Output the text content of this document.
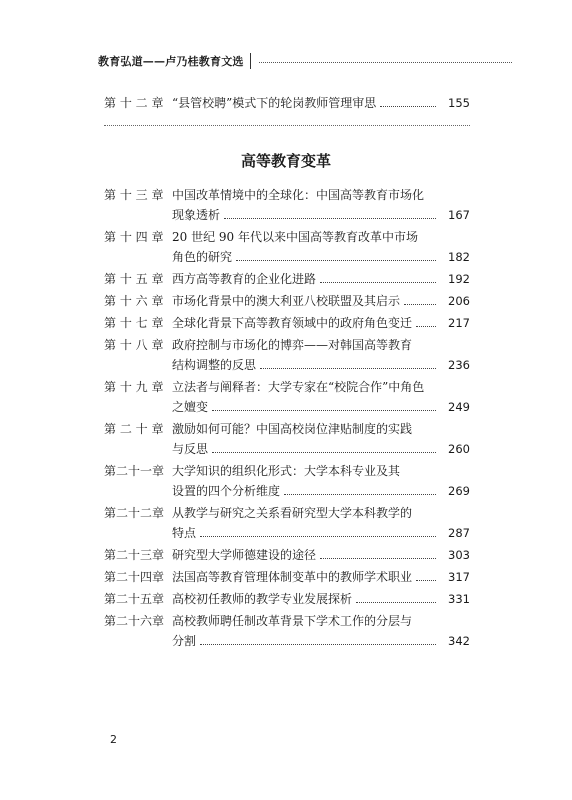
教育弘道——卢乃桂教育文选
第 十 二 章 “县管校聘”模式下的轮岗教师管理审思	155
高等教育变革
第 十 三 章 中国改革情境中的全球化：中国高等教育市场化
现象透析	167
第 十 四 章 20 世纪 90 年代以来中国高等教育改革中市场
角色的研究	182
第 十 五 章 西方高等教育的企业化进路	192
第 十 六 章 市场化背景中的澳大利亚八校联盟及其启示	206
第 十 七 章 全球化背景下高等教育领域中的政府角色变迁	217
第 十 八 章 政府控制与市场化的博弈——对韩国高等教育
结构调整的反思	236
第 十 九 章 立法者与阐释者：大学专家在“校院合作”中角色
之嬗变	249
第 二 十 章 激励如何可能？中国高校岗位津贴制度的实践
与反思	260
第二十一章 大学知识的组织化形式：大学本科专业及其
设置的四个分析维度	269
第二十二章 从教学与研究之关系看研究型大学本科教学的
特点	287
第二十三章 研究型大学师德建设的途径	303
第二十四章 法国高等教育管理体制变革中的教师学术职业	317
第二十五章 高校初任教师的教学专业发展探析	331
第二十六章 高校教师聘任制改革背景下学术工作的分层与
分割	342
2
